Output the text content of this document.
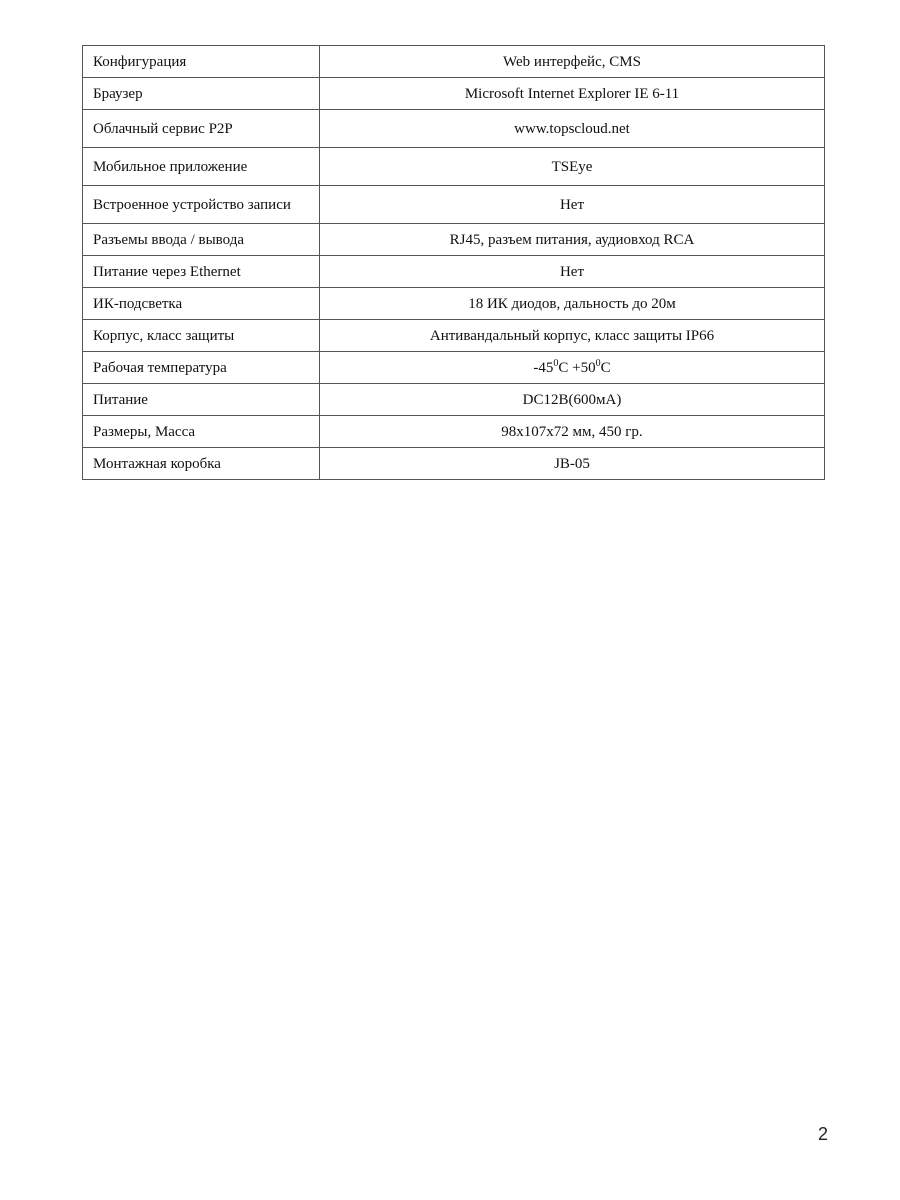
Конфигурация	Web интерфейс, CMS
Браузер	Microsoft Internet Explorer IE 6-11
Облачный сервис P2P	www.topscloud.net
Мобильное приложение	TSEye
Встроенное устройство записи	Нет
Разъемы ввода / вывода	RJ45, разъем питания, аудиовход RCA
Питание через Ethernet	Нет
ИК-подсветка	18 ИК диодов, дальность до 20м
Корпус, класс защиты	Антивандальный корпус, класс защиты IP66
Рабочая температура	$-45^0C +50^0C$
Питание	DC12В(600мА)
Размеры, Масса	98x107x72 мм, 450 гр.
Монтажная коробка	JB-05
2
